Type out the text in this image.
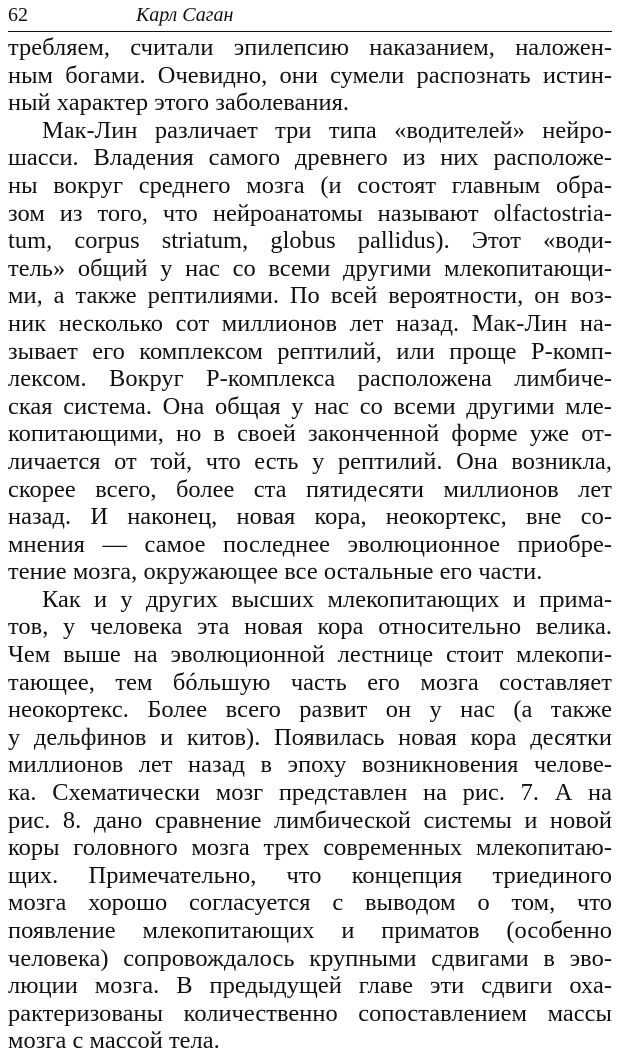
62	Карл Саган
требляем, считали эпилепсию наказанием, наложен-
ным богами. Очевидно, они сумели распознать истин-
ный характер этого заболевания.
Мак-Лин различает три типа «водителей» нейро-
шасси. Владения самого древнего из них расположе-
ны вокруг среднего мозга (и состоят главным обра-
зом из того, что нейроанатомы называют olfactostria-
tum, corpus striatum, globus pallidus). Этот «води-
тель» общий у нас со всеми другими млекопитающи-
ми, а также рептилиями. По всей вероятности, он воз-
ник несколько сот миллионов лет назад. Мак-Лин на-
зывает его комплексом рептилий, или проще Р-комп-
лексом. Вокруг Р-комплекса расположена лимбиче-
ская система. Она общая у нас со всеми другими мле-
копитающими, но в своей законченной форме уже от-
личается от той, что есть у рептилий. Она возникла,
скорее всего, более ста пятидесяти миллионов лет
назад. И наконец, новая кора, неокортекс, вне со-
мнения — самое последнее эволюционное приобре-
тение мозга, окружающее все остальные его части.
Как и у других высших млекопитающих и прима-
тов, у человека эта новая кора относительно велика.
Чем выше на эволюционной лестнице стоит млекопи-
тающее, тем бóльшую часть его мозга составляет
неокортекс. Более всего развит он у нас (а также
у дельфинов и китов). Появилась новая кора десятки
миллионов лет назад в эпоху возникновения челове-
ка. Схематически мозг представлен на рис. 7. А на
рис. 8. дано сравнение лимбической системы и новой
коры головного мозга трех современных млекопитаю-
щих. Примечательно, что концепция триединого
мозга хорошо согласуется с выводом о том, что
появление млекопитающих и приматов (особенно
человека) сопровождалось крупными сдвигами в эво-
люции мозга. В предыдущей главе эти сдвиги оха-
рактеризованы количественно сопоставлением массы
мозга с массой тела.
